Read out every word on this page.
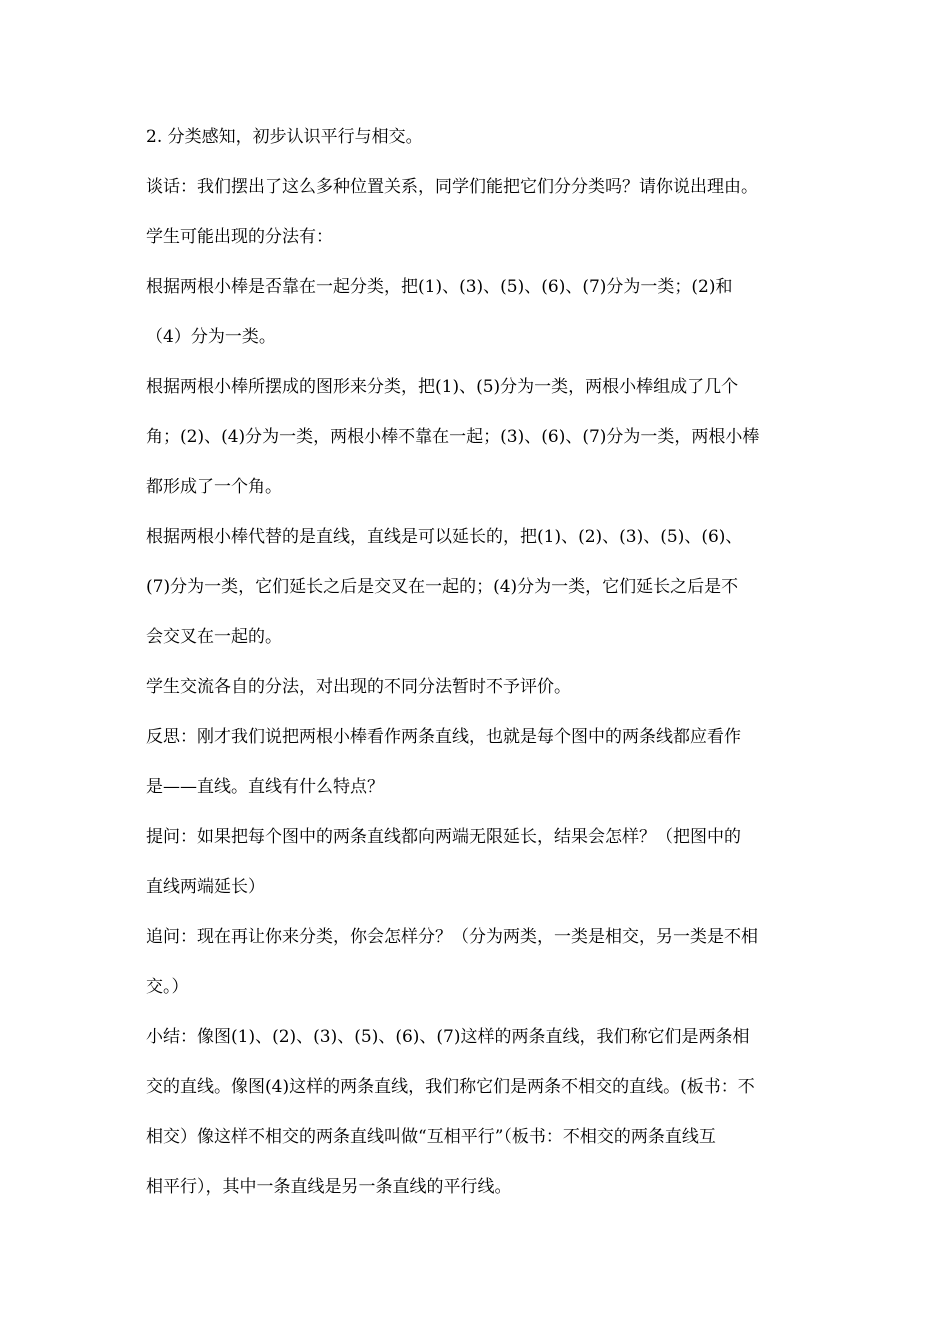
2. 分类感知，初步认识平行与相交。
谈话：我们摆出了这么多种位置关系，同学们能把它们分分类吗？请你说出理由。
学生可能出现的分法有：
根据两根小棒是否靠在一起分类，把(1)、(3)、(5)、(6)、(7)分为一类；(2)和
（4）分为一类。
根据两根小棒所摆成的图形来分类，把(1)、(5)分为一类，两根小棒组成了几个
角；(2)、(4)分为一类，两根小棒不靠在一起；(3)、(6)、(7)分为一类，两根小棒
都形成了一个角。
根据两根小棒代替的是直线，直线是可以延长的，把(1)、(2)、(3)、(5)、(6)、
(7)分为一类，它们延长之后是交叉在一起的；(4)分为一类，它们延长之后是不
会交叉在一起的。
学生交流各自的分法，对出现的不同分法暂时不予评价。
反思：刚才我们说把两根小棒看作两条直线，也就是每个图中的两条线都应看作
是——直线。直线有什么特点？
提问：如果把每个图中的两条直线都向两端无限延长，结果会怎样？（把图中的
直线两端延长）
追问：现在再让你来分类，你会怎样分？（分为两类，一类是相交，另一类是不相
交。）
小结：像图(1)、(2)、(3)、(5)、(6)、(7)这样的两条直线，我们称它们是两条相
交的直线。像图(4)这样的两条直线，我们称它们是两条不相交的直线。(板书：不
相交）像这样不相交的两条直线叫做“互相平行”（板书：不相交的两条直线互
相平行），其中一条直线是另一条直线的平行线。
